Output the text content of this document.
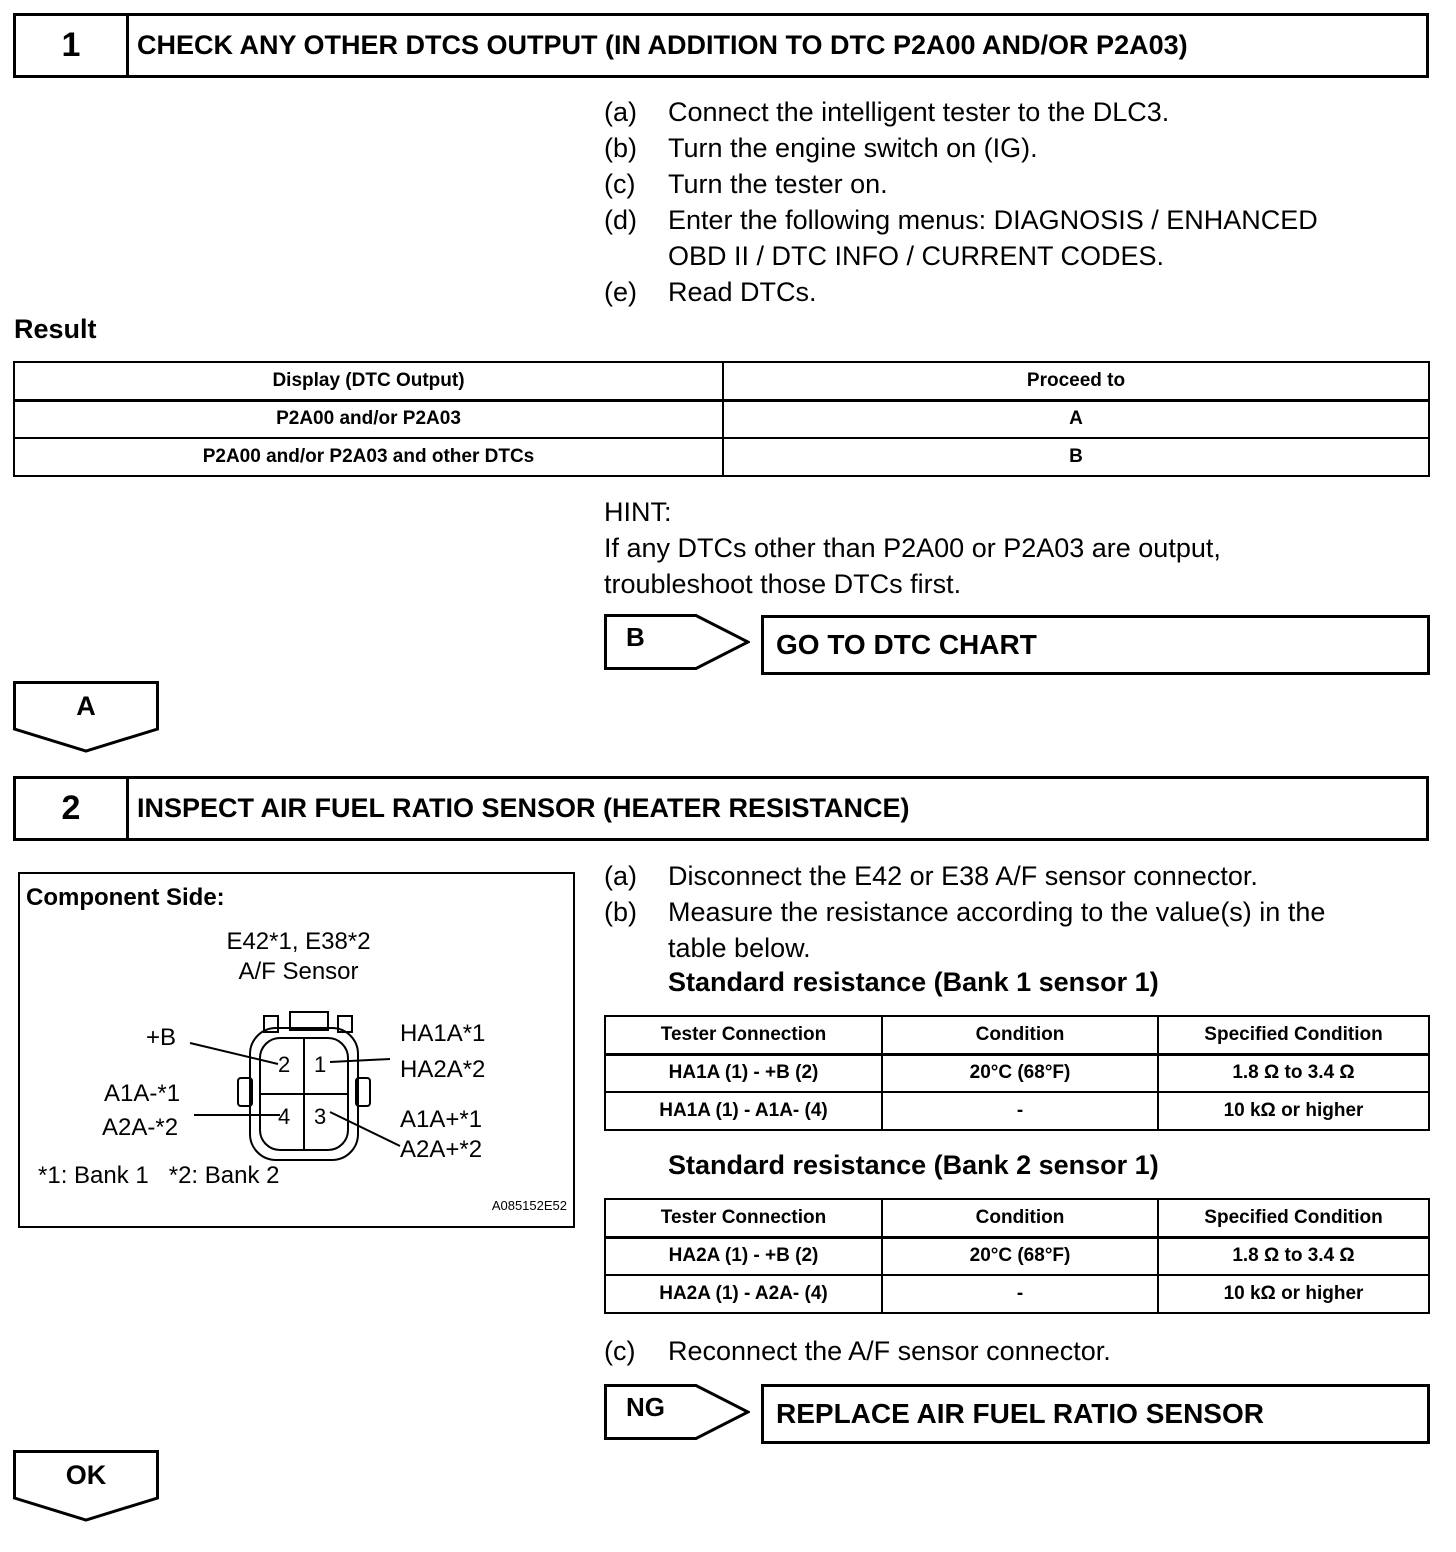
1	CHECK ANY OTHER DTCS OUTPUT (IN ADDITION TO DTC P2A00 AND/OR P2A03)
(a)	Connect the intelligent tester to the DLC3.
(b)	Turn the engine switch on (IG).
(c)	Turn the tester on.
(d)	Enter the following menus: DIAGNOSIS / ENHANCED
OBD II / DTC INFO / CURRENT CODES.
(e)	Read DTCs.
Result
Display (DTC Output)	Proceed to
P2A00 and/or P2A03	A
P2A00 and/or P2A03 and other DTCs	B
HINT:
If any DTCs other than P2A00 or P2A03 are output,
troubleshoot those DTCs first.
B	GO TO DTC CHART
A
2	INSPECT AIR FUEL RATIO SENSOR (HEATER RESISTANCE)
Component Side:
E42*1, E38*2
A/F Sensor
2 1
4 3
+B	HA1A*1
HA2A*2
A1A-*1
A2A-*2	A1A+*1
A2A+*2
*1: Bank 1   *2: Bank 2
A085152E52
(a)	Disconnect the E42 or E38 A/F sensor connector.
(b)	Measure the resistance according to the value(s) in the
table below.
Standard resistance (Bank 1 sensor 1)
Tester Connection	Condition	Specified Condition
HA1A (1) - +B (2)	20°C (68°F)	1.8 Ω to 3.4 Ω
HA1A (1) - A1A- (4)	-	10 kΩ or higher
Standard resistance (Bank 2 sensor 1)
Tester Connection	Condition	Specified Condition
HA2A (1) - +B (2)	20°C (68°F)	1.8 Ω to 3.4 Ω
HA2A (1) - A2A- (4)	-	10 kΩ or higher
(c)	Reconnect the A/F sensor connector.
NG	REPLACE AIR FUEL RATIO SENSOR
OK
